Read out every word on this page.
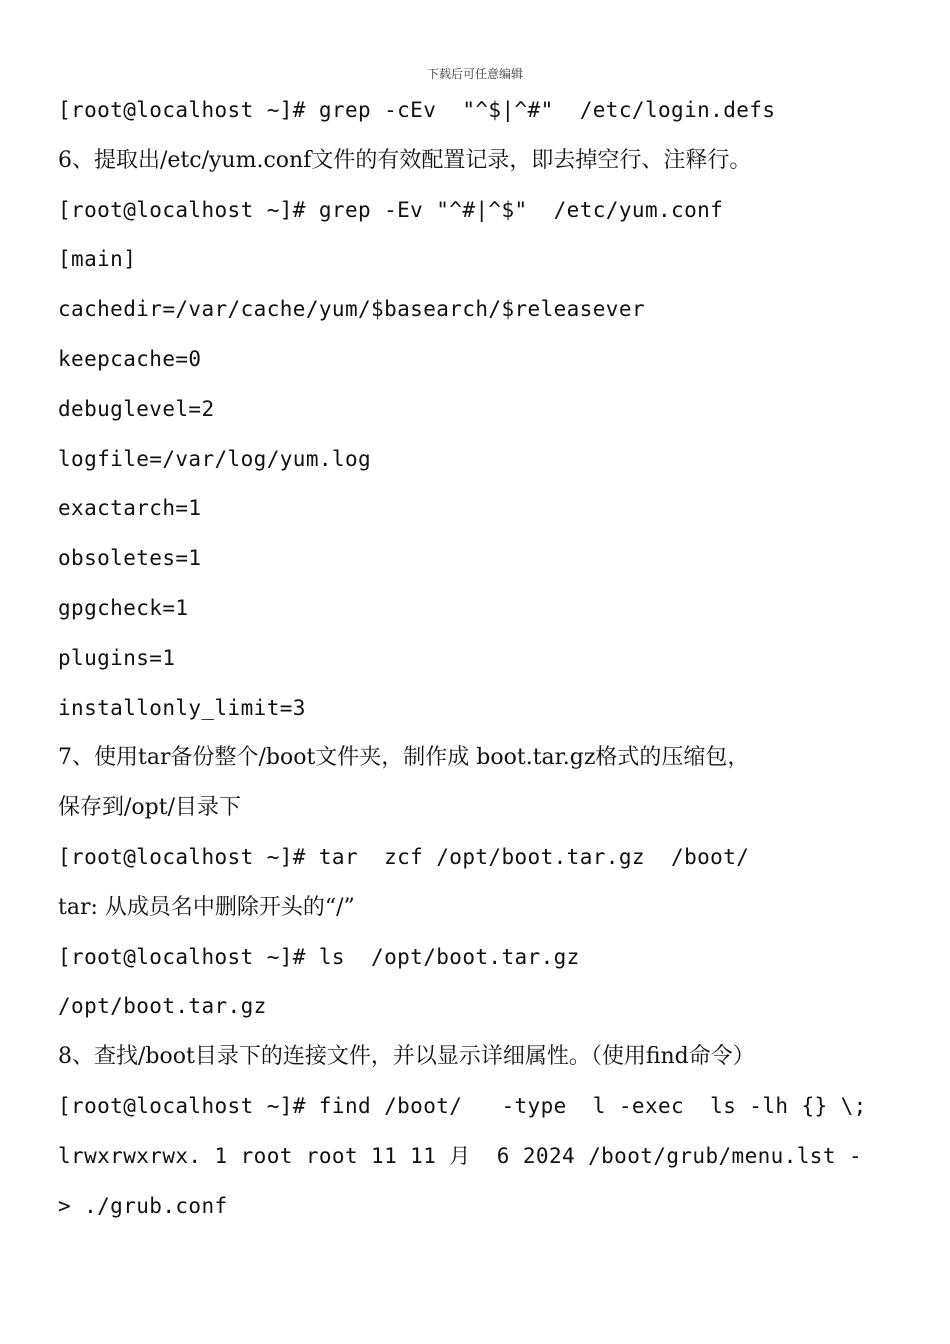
下载后可任意编辑
[root@localhost ~]# grep -cEv  "^$|^#"  /etc/login.defs
6、提取出/etc/yum.conf文件的有效配置记录，即去掉空行、注释行。
[root@localhost ~]# grep -Ev "^#|^$"  /etc/yum.conf
[main]
cachedir=/var/cache/yum/$basearch/$releasever
keepcache=0
debuglevel=2
logfile=/var/log/yum.log
exactarch=1
obsoletes=1
gpgcheck=1
plugins=1
installonly_limit=3
7、使用tar备份整个/boot文件夹，制作成 boot.tar.gz格式的压缩包，
保存到/opt/目录下
[root@localhost ~]# tar  zcf /opt/boot.tar.gz  /boot/
tar: 从成员名中删除开头的“/”
[root@localhost ~]# ls  /opt/boot.tar.gz
/opt/boot.tar.gz
8、查找/boot目录下的连接文件，并以显示详细属性。（使用find命令）
[root@localhost ~]# find /boot/   -type  l -exec  ls -lh {} \;
lrwxrwxrwx. 1 root root 11 11 月  6 2024 /boot/grub/menu.lst -
> ./grub.conf
